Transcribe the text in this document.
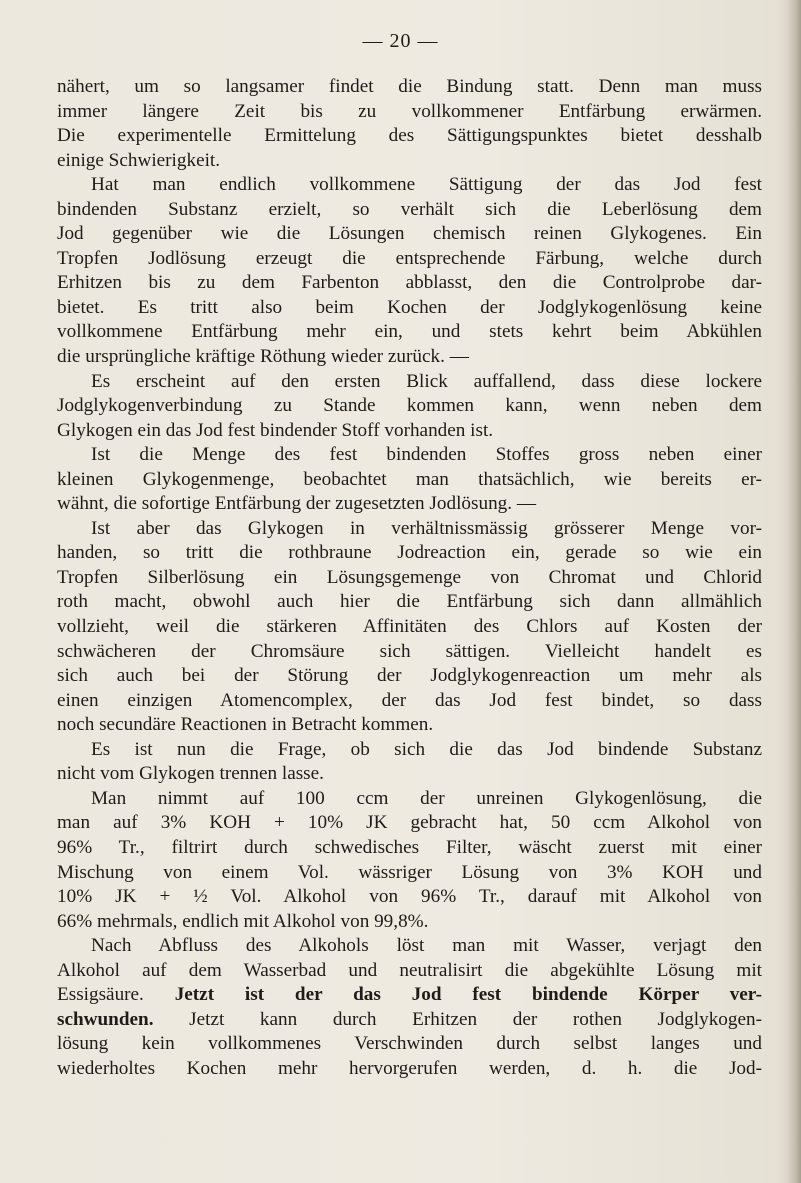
— 20 —
nähert, um so langsamer findet die Bindung statt. Denn man muss
immer längere Zeit bis zu vollkommener Entfärbung erwärmen.
Die experimentelle Ermittelung des Sättigungspunktes bietet desshalb
einige Schwierigkeit.
Hat man endlich vollkommene Sättigung der das Jod fest
bindenden Substanz erzielt, so verhält sich die Leberlösung dem
Jod gegenüber wie die Lösungen chemisch reinen Glykogenes. Ein
Tropfen Jodlösung erzeugt die entsprechende Färbung, welche durch
Erhitzen bis zu dem Farbenton abblasst, den die Controlprobe dar-
bietet. Es tritt also beim Kochen der Jodglykogenlösung keine
vollkommene Entfärbung mehr ein, und stets kehrt beim Abkühlen
die ursprüngliche kräftige Röthung wieder zurück. —
Es erscheint auf den ersten Blick auffallend, dass diese lockere
Jodglykogenverbindung zu Stande kommen kann, wenn neben dem
Glykogen ein das Jod fest bindender Stoff vorhanden ist.
Ist die Menge des fest bindenden Stoffes gross neben einer
kleinen Glykogenmenge, beobachtet man thatsächlich, wie bereits er-
wähnt, die sofortige Entfärbung der zugesetzten Jodlösung. —
Ist aber das Glykogen in verhältnissmässig grösserer Menge vor-
handen, so tritt die rothbraune Jodreaction ein, gerade so wie ein
Tropfen Silberlösung ein Lösungsgemenge von Chromat und Chlorid
roth macht, obwohl auch hier die Entfärbung sich dann allmählich
vollzieht, weil die stärkeren Affinitäten des Chlors auf Kosten der
schwächeren der Chromsäure sich sättigen. Vielleicht handelt es
sich auch bei der Störung der Jodglykogenreaction um mehr als
einen einzigen Atomencomplex, der das Jod fest bindet, so dass
noch secundäre Reactionen in Betracht kommen.
Es ist nun die Frage, ob sich die das Jod bindende Substanz
nicht vom Glykogen trennen lasse.
Man nimmt auf 100 ccm der unreinen Glykogenlösung, die
man auf 3% KOH + 10% JK gebracht hat, 50 ccm Alkohol von
96% Tr., filtrirt durch schwedisches Filter, wäscht zuerst mit einer
Mischung von einem Vol. wässriger Lösung von 3% KOH und
10% JK + ½ Vol. Alkohol von 96% Tr., darauf mit Alkohol von
66% mehrmals, endlich mit Alkohol von 99,8%.
Nach Abfluss des Alkohols löst man mit Wasser, verjagt den
Alkohol auf dem Wasserbad und neutralisirt die abgekühlte Lösung mit
Essigsäure. Jetzt ist der das Jod fest bindende Körper ver-
schwunden. Jetzt kann durch Erhitzen der rothen Jodglykogen-
lösung kein vollkommenes Verschwinden durch selbst langes und
wiederholtes Kochen mehr hervorgerufen werden, d. h. die Jod-
